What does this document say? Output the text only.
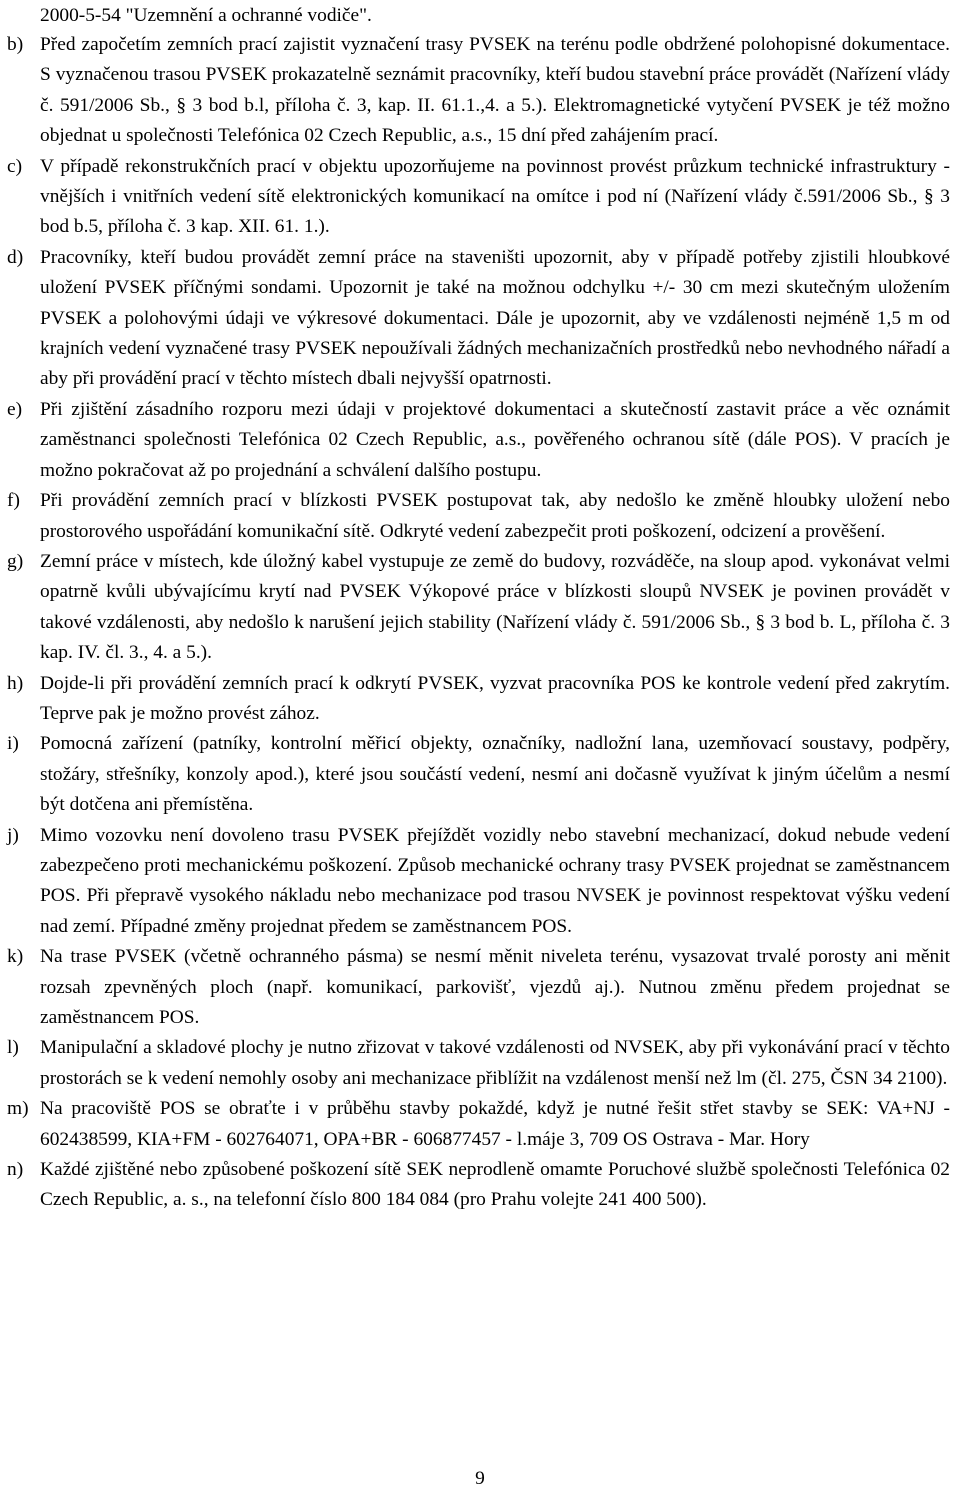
2000-5-54 "Uzemnění a ochranné vodiče".

b) Před započetím zemních prací zajistit vyznačení trasy PVSEK na terénu podle obdržené polohopisné dokumentace. S vyznačenou trasou PVSEK prokazatelně seznámit pracovníky, kteří budou stavební práce provádět (Nařízení vlády č. 591/2006 Sb., § 3 bod b.l, příloha č. 3, kap. II. 61.1.,4. a 5.). Elektromagnetické vytyčení PVSEK je též možno objednat u společnosti Telefónica 02 Czech Republic, a.s., 15 dní před zahájením prací.
c) V případě rekonstrukčních prací v objektu upozorňujeme na povinnost provést průzkum technické infrastruktury - vnějších i vnitřních vedení sítě elektronických komunikací na omítce i pod ní (Nařízení vlády č.591/2006 Sb., § 3 bod b.5, příloha č. 3 kap. XII. 61. 1.).
d) Pracovníky, kteří budou provádět zemní práce na staveništi upozornit, aby v případě potřeby zjistili hloubkové uložení PVSEK příčnými sondami. Upozornit je také na možnou odchylku +/- 30 cm mezi skutečným uložením PVSEK a polohovými údaji ve výkresové dokumentaci. Dále je upozornit, aby ve vzdálenosti nejméně 1,5 m od krajních vedení vyznačené trasy PVSEK nepoužívali žádných mechanizačních prostředků nebo nevhodného nářadí a aby při provádění prací v těchto místech dbali nejvyšší opatrnosti.
e) Při zjištění zásadního rozporu mezi údaji v projektové dokumentaci a skutečností zastavit práce a věc oznámit zaměstnanci společnosti Telefónica 02 Czech Republic, a.s., pověřeného ochranou sítě (dále POS). V pracích je možno pokračovat až po projednání a schválení dalšího postupu.
f)	Při provádění zemních prací v blízkosti PVSEK postupovat tak, aby nedošlo ke změně hloubky uložení nebo prostorového uspořádání komunikační sítě. Odkryté vedení zabezpečit proti poškození, odcizení a prověšení.
g) Zemní práce v místech, kde úložný kabel vystupuje ze země do budovy, rozváděče, na sloup apod. vykonávat velmi opatrně kvůli ubývajícímu krytí nad PVSEK Výkopové práce v blízkosti sloupů NVSEK je povinen provádět v takové vzdálenosti, aby nedošlo k narušení jejich stability (Nařízení vlády č. 591/2006 Sb., § 3 bod b. L, příloha č. 3 kap. IV. čl. 3., 4. a 5.).
h) Dojde-li při provádění zemních prací k odkrytí PVSEK, vyzvat pracovníka POS ke kontrole vedení před zakrytím. Teprve pak je možno provést zához.
i)	Pomocná zařízení (patníky, kontrolní měřicí objekty, označníky, nadložní lana, uzemňovací soustavy, podpěry, stožáry, střešníky, konzoly apod.), které jsou součástí vedení, nesmí ani dočasně využívat k jiným účelům a nesmí být dotčena ani přemístěna.
j)	Mimo vozovku není dovoleno trasu PVSEK přejíždět vozidly nebo stavební mechanizací, dokud nebude vedení zabezpečeno proti mechanickému poškození. Způsob mechanické ochrany trasy PVSEK projednat se zaměstnancem POS. Při přepravě vysokého nákladu nebo mechanizace pod trasou NVSEK je povinnost respektovat výšku vedení nad zemí. Případné změny projednat předem se zaměstnancem POS.
k) Na trase PVSEK (včetně ochranného pásma) se nesmí měnit niveleta terénu, vysazovat trvalé porosty ani měnit rozsah zpevněných ploch (např. komunikací, parkovišť, vjezdů aj.). Nutnou změnu předem projednat se zaměstnancem POS.
l)	Manipulační a skladové plochy je nutno zřizovat v takové vzdálenosti od NVSEK, aby při vykonávání prací v těchto prostorách se k vedení nemohly osoby ani mechanizace přiblížit na vzdálenost menší než lm (čl. 275, ČSN 34 2100).
m) Na pracoviště POS se obraťte i v průběhu stavby pokaždé, když je nutné řešit střet stavby se SEK: VA+NJ - 602438599, KIA+FM - 602764071, OPA+BR - 606877457 - l.máje 3, 709 OS Ostrava - Mar. Hory
n) Každé zjištěné nebo způsobené poškození sítě SEK neprodleně omamte Poruchové službě společnosti Telefónica 02 Czech Republic, a. s., na telefonní číslo 800 184 084 (pro Prahu volejte 241 400 500).
9
